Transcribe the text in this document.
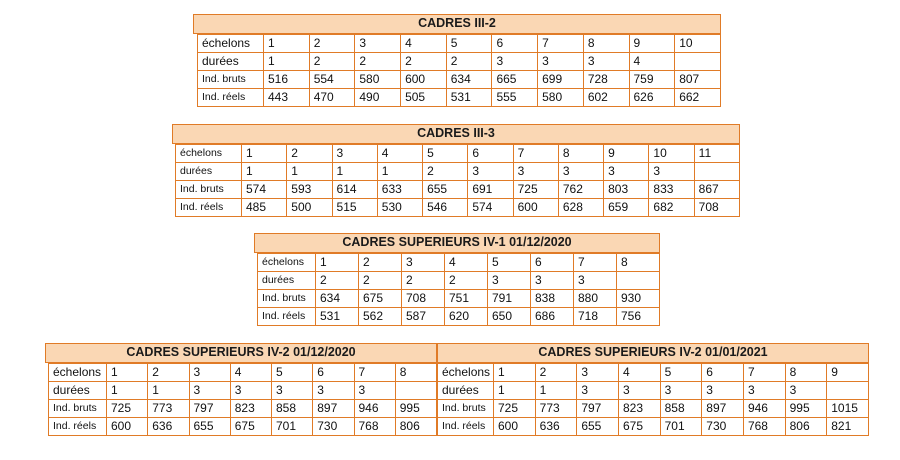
CADRES III-2
échelons	1	2	3	4	5	6	7	8	9	10
durées	1	2	2	2	2	3	3	3	4	
Ind. bruts	516	554	580	600	634	665	699	728	759	807
Ind. réels	443	470	490	505	531	555	580	602	626	662
CADRES III-3
échelons	1	2	3	4	5	6	7	8	9	10	11
durées	1	1	1	1	2	3	3	3	3	3	
Ind. bruts	574	593	614	633	655	691	725	762	803	833	867
Ind. réels	485	500	515	530	546	574	600	628	659	682	708
CADRES SUPERIEURS IV-1 01/12/2020
échelons	1	2	3	4	5	6	7	8
durées	2	2	2	2	3	3	3	
Ind. bruts	634	675	708	751	791	838	880	930
Ind. réels	531	562	587	620	650	686	718	756
CADRES SUPERIEURS IV-2 01/12/2020
échelons	1	2	3	4	5	6	7	8
durées	1	1	3	3	3	3	3	
Ind. bruts	725	773	797	823	858	897	946	995
Ind. réels	600	636	655	675	701	730	768	806
CADRES SUPERIEURS IV-2 01/01/2021
échelons	1	2	3	4	5	6	7	8	9
durées	1	1	3	3	3	3	3	3	
Ind. bruts	725	773	797	823	858	897	946	995	1015
Ind. réels	600	636	655	675	701	730	768	806	821
